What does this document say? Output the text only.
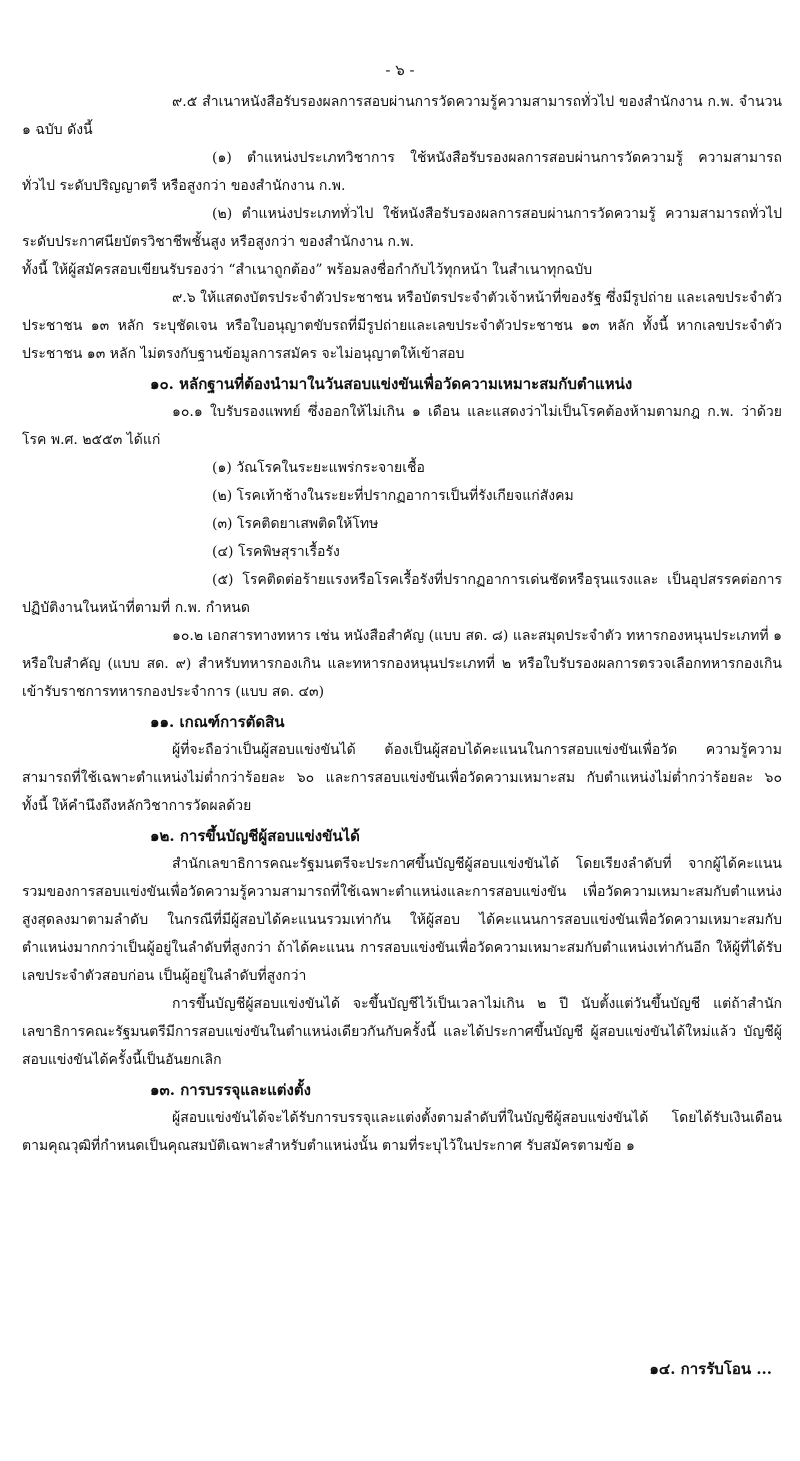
- ๖ -

๙.๕ สำเนาหนังสือรับรองผลการสอบผ่านการวัดความรู้ความสามารถทั่วไป ของสำนักงาน ก.พ. จำนวน ๑ ฉบับ ดังนี้

(๑) ตำแหน่งประเภทวิชาการ ใช้หนังสือรับรองผลการสอบผ่านการวัดความรู้ ความสามารถทั่วไป ระดับปริญญาตรี หรือสูงกว่า ของสำนักงาน ก.พ.

(๒) ตำแหน่งประเภททั่วไป ใช้หนังสือรับรองผลการสอบผ่านการวัดความรู้ ความสามารถทั่วไป ระดับประกาศนียบัตรวิชาชีพชั้นสูง หรือสูงกว่า ของสำนักงาน ก.พ.

ทั้งนี้ ให้ผู้สมัครสอบเขียนรับรองว่า “สำเนาถูกต้อง” พร้อมลงชื่อกำกับไว้ทุกหน้า ในสำเนาทุกฉบับ

๙.๖ ให้แสดงบัตรประจำตัวประชาชน หรือบัตรประจำตัวเจ้าหน้าที่ของรัฐ ซึ่งมีรูปถ่าย และเลขประจำตัวประชาชน ๑๓ หลัก ระบุชัดเจน หรือใบอนุญาตขับรถที่มีรูปถ่ายและเลขประจำตัวประชาชน ๑๓ หลัก ทั้งนี้ หากเลขประจำตัวประชาชน ๑๓ หลัก ไม่ตรงกับฐานข้อมูลการสมัคร จะไม่อนุญาตให้เข้าสอบ

๑๐. หลักฐานที่ต้องนำมาในวันสอบแข่งขันเพื่อวัดความเหมาะสมกับตำแหน่ง

๑๐.๑ ใบรับรองแพทย์ ซึ่งออกให้ไม่เกิน ๑ เดือน และแสดงว่าไม่เป็นโรคต้องห้ามตามกฎ ก.พ. ว่าด้วยโรค พ.ศ. ๒๕๕๓ ได้แก่

(๑) วัณโรคในระยะแพร่กระจายเชื้อ

(๒) โรคเท้าช้างในระยะที่ปรากฏอาการเป็นที่รังเกียจแก่สังคม

(๓) โรคติดยาเสพติดให้โทษ

(๔) โรคพิษสุราเรื้อรัง

(๕) โรคติดต่อร้ายแรงหรือโรคเรื้อรังที่ปรากฏอาการเด่นชัดหรือรุนแรงและ เป็นอุปสรรคต่อการปฏิบัติงานในหน้าที่ตามที่ ก.พ. กำหนด

๑๐.๒ เอกสารทางทหาร เช่น หนังสือสำคัญ (แบบ สด. ๘) และสมุดประจำตัว ทหารกองหนุนประเภทที่ ๑ หรือใบสำคัญ (แบบ สด. ๙) สำหรับทหารกองเกิน และทหารกองหนุนประเภทที่ ๒ หรือใบรับรองผลการตรวจเลือกทหารกองเกินเข้ารับราชการทหารกองประจำการ (แบบ สด. ๔๓)

๑๑. เกณฑ์การตัดสิน

ผู้ที่จะถือว่าเป็นผู้สอบแข่งขันได้ ต้องเป็นผู้สอบได้คะแนนในการสอบแข่งขันเพื่อวัด ความรู้ความสามารถที่ใช้เฉพาะตำแหน่งไม่ต่ำกว่าร้อยละ ๖๐ และการสอบแข่งขันเพื่อวัดความเหมาะสม กับตำแหน่งไม่ต่ำกว่าร้อยละ ๖๐ ทั้งนี้ ให้คำนึงถึงหลักวิชาการวัดผลด้วย

๑๒. การขึ้นบัญชีผู้สอบแข่งขันได้

สำนักเลขาธิการคณะรัฐมนตรีจะประกาศขึ้นบัญชีผู้สอบแข่งขันได้ โดยเรียงลำดับที่ จากผู้ได้คะแนนรวมของการสอบแข่งขันเพื่อวัดความรู้ความสามารถที่ใช้เฉพาะตำแหน่งและการสอบแข่งขัน เพื่อวัดความเหมาะสมกับตำแหน่งสูงสุดลงมาตามลำดับ ในกรณีที่มีผู้สอบได้คะแนนรวมเท่ากัน ให้ผู้สอบ ได้คะแนนการสอบแข่งขันเพื่อวัดความเหมาะสมกับตำแหน่งมากกว่าเป็นผู้อยู่ในลำดับที่สูงกว่า ถ้าได้คะแนน การสอบแข่งขันเพื่อวัดความเหมาะสมกับตำแหน่งเท่ากันอีก ให้ผู้ที่ได้รับเลขประจำตัวสอบก่อน เป็นผู้อยู่ในลำดับที่สูงกว่า

การขึ้นบัญชีผู้สอบแข่งขันได้ จะขึ้นบัญชีไว้เป็นเวลาไม่เกิน ๒ ปี นับตั้งแต่วันขึ้นบัญชี แต่ถ้าสำนักเลขาธิการคณะรัฐมนตรีมีการสอบแข่งขันในตำแหน่งเดียวกันกับครั้งนี้ และได้ประกาศขึ้นบัญชี ผู้สอบแข่งขันได้ใหม่แล้ว บัญชีผู้สอบแข่งขันได้ครั้งนี้เป็นอันยกเลิก

๑๓. การบรรจุและแต่งตั้ง

ผู้สอบแข่งขันได้จะได้รับการบรรจุและแต่งตั้งตามลำดับที่ในบัญชีผู้สอบแข่งขันได้ โดยได้รับเงินเดือนตามคุณวุฒิที่กำหนดเป็นคุณสมบัติเฉพาะสำหรับตำแหน่งนั้น ตามที่ระบุไว้ในประกาศ รับสมัครตามข้อ ๑

๑๔. การรับโอน ...
